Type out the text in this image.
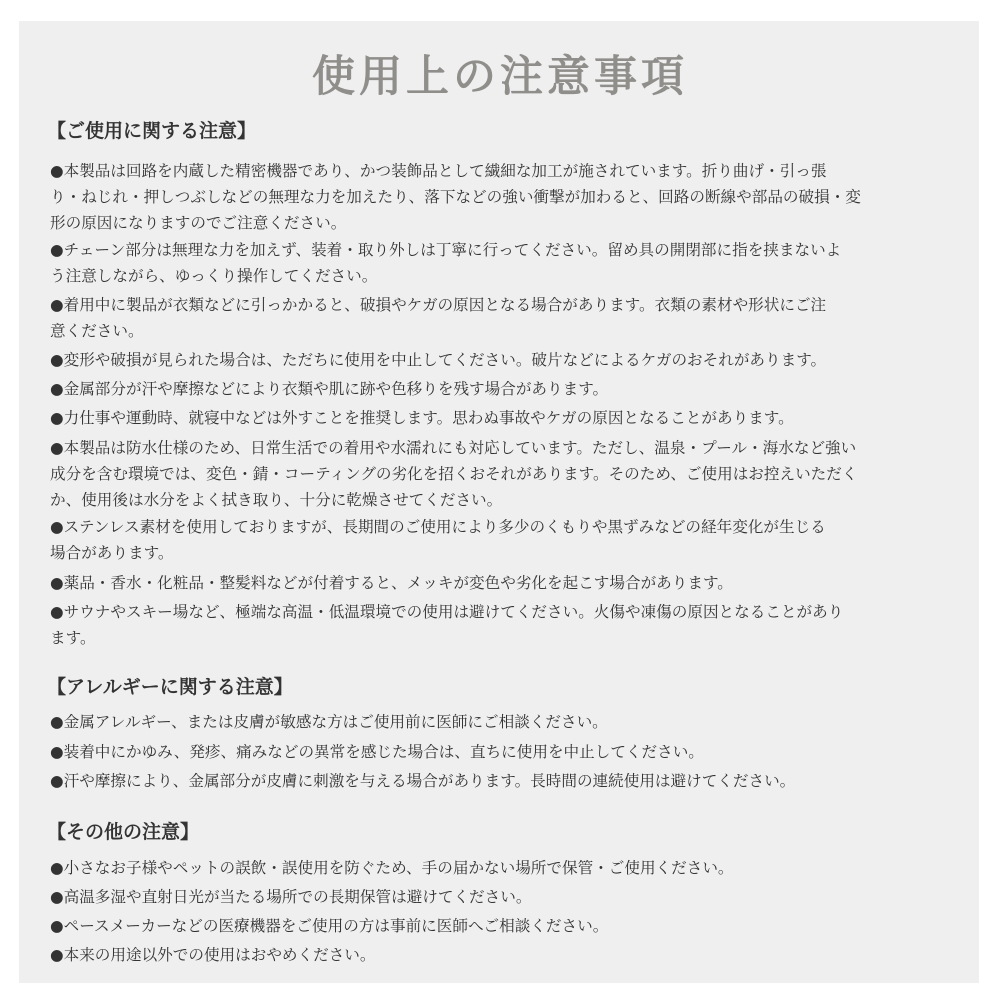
使用上の注意事項
【ご使用に関する注意】

●本製品は回路を内蔵した精密機器であり、かつ装飾品として繊細な加工が施されています。折り曲げ・引っ張
り・ねじれ・押しつぶしなどの無理な力を加えたり、落下などの強い衝撃が加わると、回路の断線や部品の破損・変
形の原因になりますのでご注意ください。

●チェーン部分は無理な力を加えず、装着・取り外しは丁寧に行ってください。留め具の開閉部に指を挟まないよ
う注意しながら、ゆっくり操作してください。

●着用中に製品が衣類などに引っかかると、破損やケガの原因となる場合があります。衣類の素材や形状にご注
意ください。

●変形や破損が見られた場合は、ただちに使用を中止してください。破片などによるケガのおそれがあります。

●金属部分が汗や摩擦などにより衣類や肌に跡や色移りを残す場合があります。

●力仕事や運動時、就寝中などは外すことを推奨します。思わぬ事故やケガの原因となることがあります。

●本製品は防水仕様のため、日常生活での着用や水濡れにも対応しています。ただし、温泉・プール・海水など強い
成分を含む環境では、変色・錆・コーティングの劣化を招くおそれがあります。そのため、ご使用はお控えいただく
か、使用後は水分をよく拭き取り、十分に乾燥させてください。

●ステンレス素材を使用しておりますが、長期間のご使用により多少のくもりや黒ずみなどの経年変化が生じる
場合があります。

●薬品・香水・化粧品・整髪料などが付着すると、メッキが変色や劣化を起こす場合があります。

●サウナやスキー場など、極端な高温・低温環境での使用は避けてください。火傷や凍傷の原因となることがあり
ます。

【アレルギーに関する注意】

●金属アレルギー、または皮膚が敏感な方はご使用前に医師にご相談ください。

●装着中にかゆみ、発疹、痛みなどの異常を感じた場合は、直ちに使用を中止してください。

●汗や摩擦により、金属部分が皮膚に刺激を与える場合があります。長時間の連続使用は避けてください。

【その他の注意】

●小さなお子様やペットの誤飲・誤使用を防ぐため、手の届かない場所で保管・ご使用ください。

●高温多湿や直射日光が当たる場所での長期保管は避けてください。

●ペースメーカーなどの医療機器をご使用の方は事前に医師へご相談ください。

●本来の用途以外での使用はおやめください。
